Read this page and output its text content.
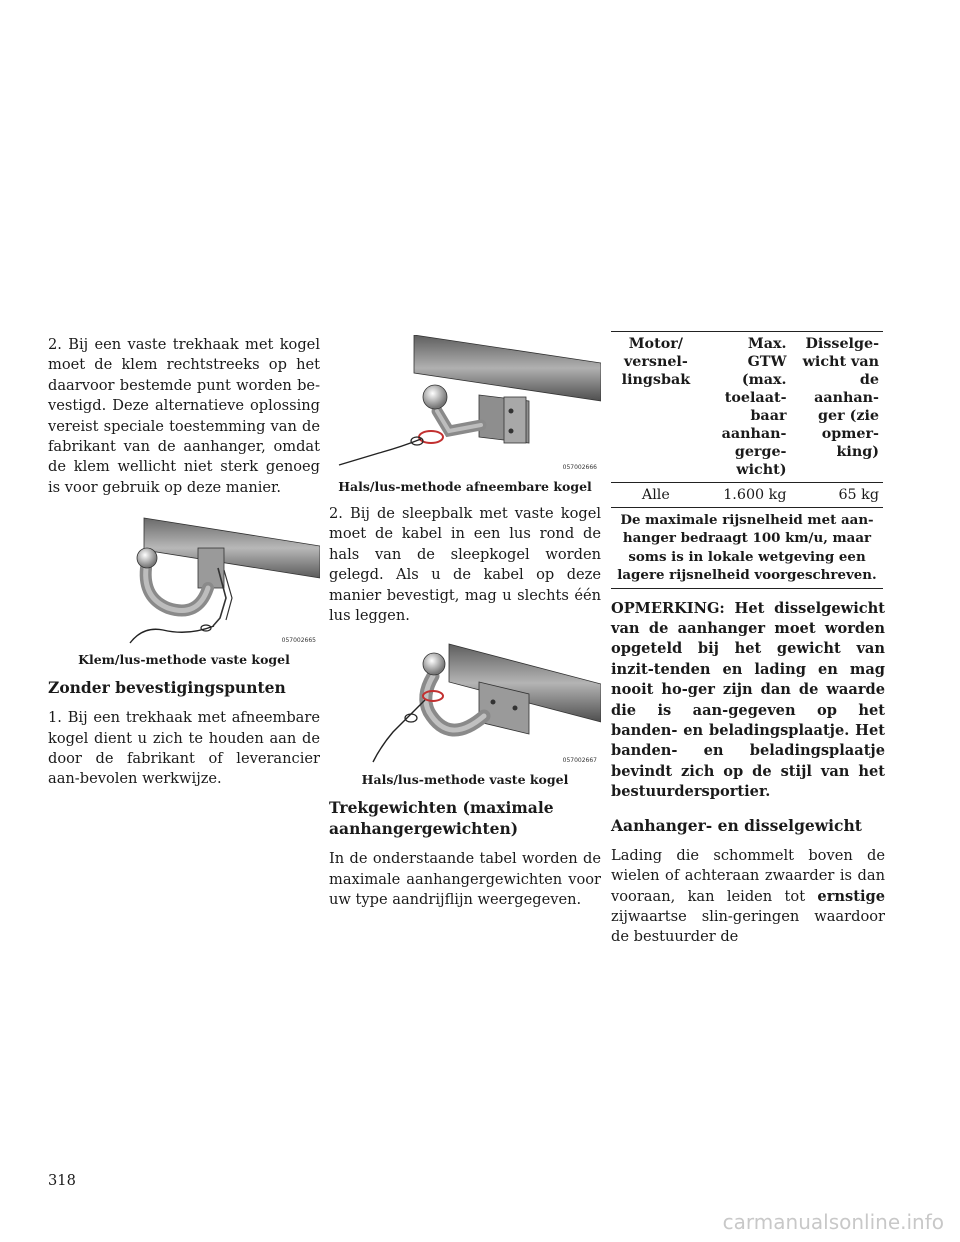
2. Bij een vaste trekhaak met kogel moet de klem rechtstreeks op het daarvoor bestemde punt worden be-vestigd. Deze alternatieve oplossing vereist speciale toestemming van de fabrikant van de aanhanger, omdat de klem wellicht niet sterk genoeg is voor gebruik op deze manier.

057002665
Klem/lus-methode vaste kogel
Zonder bevestigingspunten

1. Bij een trekhaak met afneembare kogel dient u zich te houden aan de door de fabrikant of leverancier aan-bevolen werkwijze.

057002666
Hals/lus-methode afneembare kogel

2. Bij de sleepbalk met vaste kogel moet de kabel in een lus rond de hals van de sleepkogel worden gelegd. Als u de kabel op deze manier bevestigt, mag u slechts één lus leggen.

057002667
Hals/lus-methode vaste kogel
Trekgewichten (maximale aanhangergewichten)

In de onderstaande tabel worden de maximale aanhangergewichten voor uw type aandrijflijn weergegeven.

Motor/ versnel-lingsbak	Max. GTW (max. toelaat-baar aanhan-gerge-wicht)	Disselge-wicht van de aanhan-ger (zie opmer-king)
Alle	1.600 kg	65 kg
De maximale rijsnelheid met aan-hanger bedraagt 100 km/u, maar soms is in lokale wetgeving een lagere rijsnelheid voorgeschreven.		
OPMERKING: Het disselgewicht van de aanhanger moet worden opgeteld bij het gewicht van inzit-tenden en lading en mag nooit ho-ger zijn dan de waarde die is aan-gegeven op het banden- en beladingsplaatje. Het banden- en beladingsplaatje bevindt zich op de stijl van het bestuurdersportier.
Aanhanger- en disselgewicht

Lading die schommelt boven de wielen of achteraan zwaarder is dan vooraan, kan leiden tot ernstige zijwaartse slin-geringen waardoor de bestuurder de

318
carmanualsonline.info
